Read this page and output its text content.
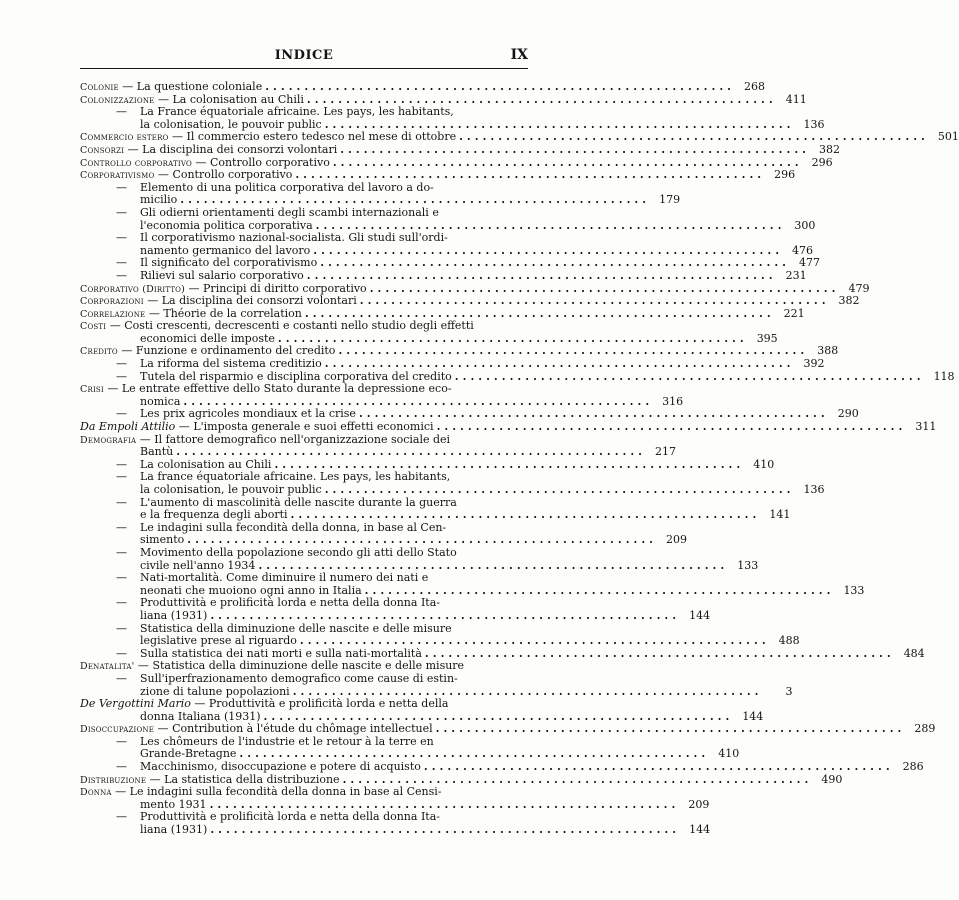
INDICE	IX
Colonie — La questione coloniale ............................................................ 268
Colonizzazione — La colonisation au Chili ............................................................ 411
— La France équatoriale africaine. Les pays, les habitants,
la colonisation, le pouvoir public ............................................................ 136
Commercio estero — Il commercio estero tedesco nel mese di ottobre ............................................................ 501
Consorzi — La disciplina dei consorzi volontari ............................................................ 382
Controllo corporativo — Controllo corporativo ............................................................ 296
Corporativismo — Controllo corporativo ............................................................ 296
— Elemento di una politica corporativa del lavoro a do-
micilio ............................................................ 179
— Gli odierni orientamenti degli scambi internazionali e
l'economia politica corporativa ............................................................ 300
— Il corporativismo nazional-socialista. Gli studi sull'ordi-
namento germanico del lavoro ............................................................ 476
— Il significato del corporativismo ............................................................ 477
— Rilievi sul salario corporativo ............................................................ 231
Corporativo (Diritto) — Principi di diritto corporativo ............................................................ 479
Corporazioni — La disciplina dei consorzi volontari ............................................................ 382
Correlazione — Théorie de la correlation ............................................................ 221
Costi — Costi crescenti, decrescenti e costanti nello studio degli effetti
economici delle imposte ............................................................ 395
Credito — Funzione e ordinamento del credito ............................................................ 388
— La riforma del sistema creditizio ............................................................ 392
— Tutela del risparmio e disciplina corporativa del credito ............................................................ 118
Crisi — Le entrate effettive dello Stato durante la depressione eco-
nomica ............................................................ 316
— Les prix agricoles mondiaux et la crise ............................................................ 290
Da Empoli Attilio — L'imposta generale e suoi effetti economici ............................................................ 311
Demografia — Il fattore demografico nell'organizzazione sociale dei
Bantù ............................................................ 217
— La colonisation au Chili ............................................................ 410
— La france équatoriale africaine. Les pays, les habitants,
la colonisation, le pouvoir public ............................................................ 136
— L'aumento di mascolinità delle nascite durante la guerra
e la frequenza degli aborti ............................................................ 141
— Le indagini sulla fecondità della donna, in base al Cen-
simento ............................................................ 209
— Movimento della popolazione secondo gli atti dello Stato
civile nell'anno 1934 ............................................................ 133
— Nati-mortalità. Come diminuire il numero dei nati e
neonati che muoiono ogni anno in Italia ............................................................ 133
— Produttività e prolificità lorda e netta della donna Ita-
liana (1931) ............................................................ 144
— Statistica della diminuzione delle nascite e delle misure
legislative prese al riguardo ............................................................ 488
— Sulla statistica dei nati morti e sulla nati-mortalità ............................................................ 484
Denatalita' — Statistica della diminuzione delle nascite e delle misure
— Sull'iperfrazionamento demografico come cause di estin-
zione di talune popolazioni ............................................................	3
De Vergottini Mario — Produttività e prolificità lorda e netta della
donna Italiana (1931) ............................................................ 144
Disoccupazione — Contribution à l'étude du chômage intellectuel ............................................................ 289
— Les chômeurs de l'industrie et le retour à la terre en
Grande-Bretagne ............................................................ 410
— Macchinismo, disoccupazione e potere di acquisto ............................................................ 286
Distribuzione — La statistica della distribuzione ............................................................ 490
Donna — Le indagini sulla fecondità della donna in base al Censi-
mento 1931 ............................................................ 209
— Produttività e prolificità lorda e netta della donna Ita-
liana (1931) ............................................................ 144
